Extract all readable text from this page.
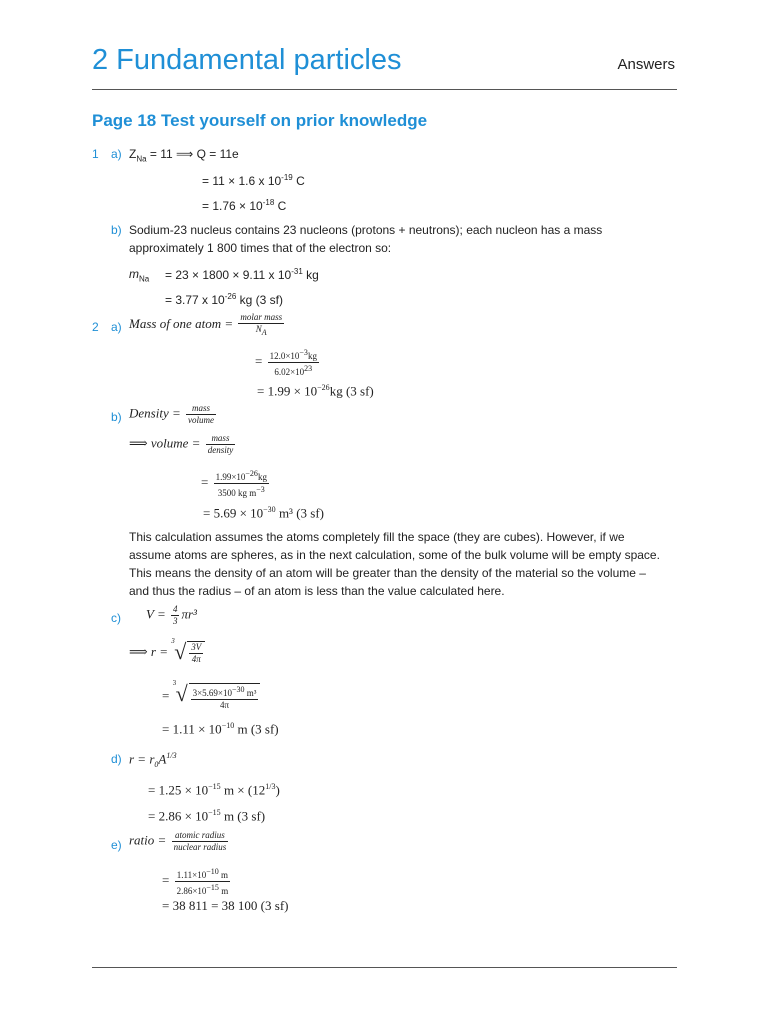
2 Fundamental particles	Answers
Page 18 Test yourself on prior knowledge
1 a) $Z_{Na} = 11$ ⟹ Q = 11e
= 11 × 1.6 x $10^{-19}$ C
= $1.76 \times 10^{-18}$ C
b) Sodium-23 nucleus contains 23 nucleons (protons + neutrons); each nucleon has a mass
approximately 1 800 times that of the electron so:
$m_{Na} = 23 \times 1800 \times 9.11$ x $10^{-31}$ kg
= 3.77 x $10^{-26}$ kg (3 sf)
2 a) Mass of one atom = $\frac{\text{molar mass}}{N_A}$
= $\frac{12.0\times 10^{-3}kg}{6.02\times 10^{23}}$
= $1.99 \times 10^{-26}kg$ (3 sf)
b) Density = $\frac{\text{mass}}{\text{volume}}$
⟹ volume = $\frac{\text{mass}}{\text{density}}$
= $\frac{1.99\times 10^{-26}kg}{3500 kg m^{-3}}$
= $5.69 \times 10^{-30}$ m³ (3 sf)
This calculation assumes the atoms completely fill the space (they are cubes). However, if we assume atoms are spheres, as in the next calculation, some of the bulk volume will be empty space. This means the density of an atom will be greater than the density of the material so the volume – and thus the radius – of an atom is less than the value calculated here.
c) $V = \frac{4}{3} \pi r^3$
⟹ r =
3 √ $\frac{3V}{4\pi}$
=
3 √ $\frac{3\times 5.69\times 10^{-30} m^3}{4\pi}$
= $1.11 \times 10^{-10}$ m (3 sf)
d) $r = r_0A^{1/3}$
= $1.25 \times 10^{-15}$ $m \times (12^{1/3})$
= $2.86 \times 10^{-15}$ m (3 sf)
e) ratio = $\frac{\text{atomic radius}}{\text{nuclear radius}}$
= $\frac{1.11\times 10^{-10} m}{2.86\times 10^{-15} m}$
= 38 811 = 38 100 (3 sf)
